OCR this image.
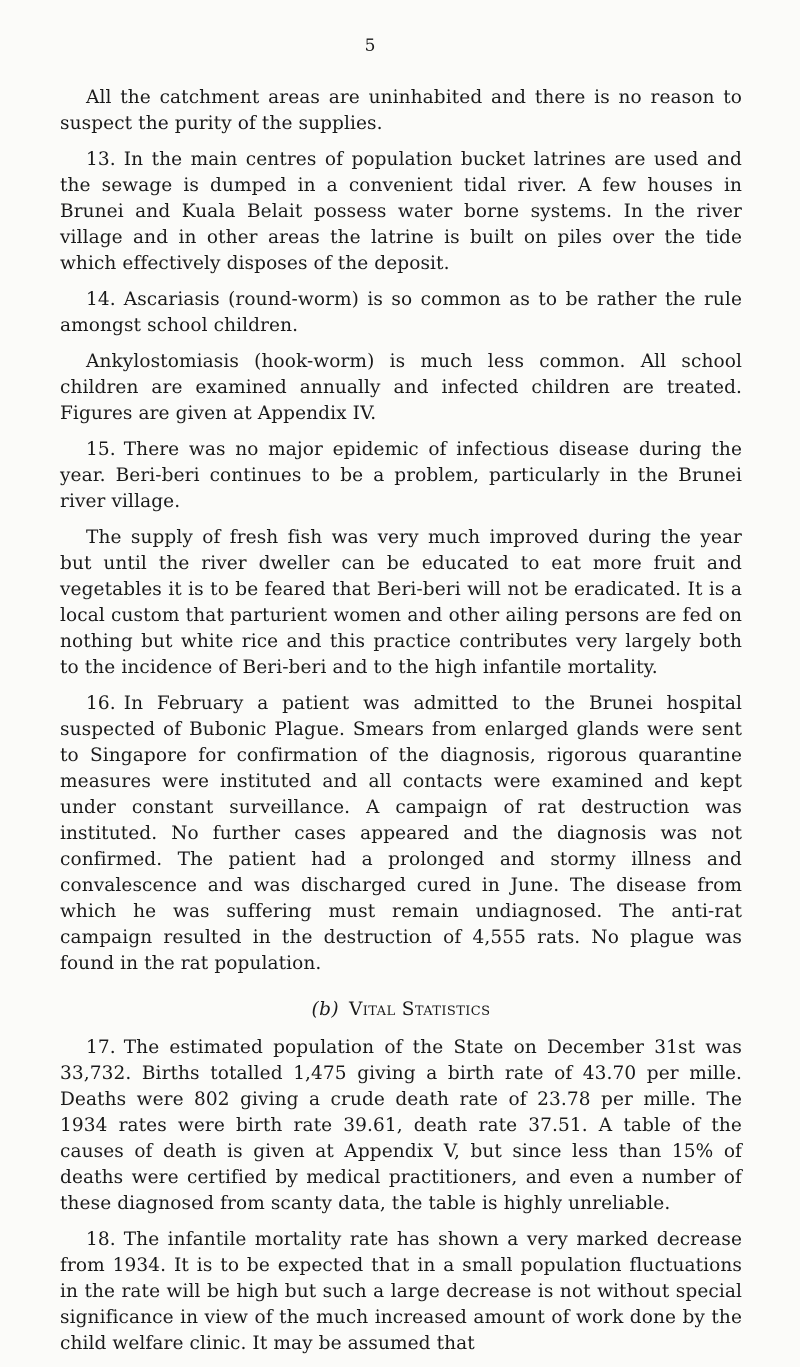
5

All the catchment areas are uninhabited and there is no reason to suspect the purity of the supplies.

13. In the main centres of population bucket latrines are used and the sewage is dumped in a convenient tidal river. A few houses in Brunei and Kuala Belait possess water borne systems. In the river village and in other areas the latrine is built on piles over the tide which effectively disposes of the deposit.

14. Ascariasis (round-worm) is so common as to be rather the rule amongst school children.

Ankylostomiasis (hook-worm) is much less common. All school children are examined annually and infected children are treated. Figures are given at Appendix IV.

15. There was no major epidemic of infectious disease during the year. Beri-beri continues to be a problem, particularly in the Brunei river village.

The supply of fresh fish was very much improved during the year but until the river dweller can be educated to eat more fruit and vegetables it is to be feared that Beri-beri will not be eradicated. It is a local custom that parturient women and other ailing persons are fed on nothing but white rice and this practice contributes very largely both to the incidence of Beri-beri and to the high infantile mortality.

16. In February a patient was admitted to the Brunei hospital suspected of Bubonic Plague. Smears from enlarged glands were sent to Singapore for confirmation of the diagnosis, rigorous quarantine measures were instituted and all contacts were examined and kept under constant surveillance. A campaign of rat destruction was instituted. No further cases appeared and the diagnosis was not confirmed. The patient had a prolonged and stormy illness and convalescence and was discharged cured in June. The disease from which he was suffering must remain undiagnosed. The anti-rat campaign resulted in the destruction of 4,555 rats. No plague was found in the rat population.

(b) Vital Statistics

17. The estimated population of the State on December 31st was 33,732. Births totalled 1,475 giving a birth rate of 43.70 per mille. Deaths were 802 giving a crude death rate of 23.78 per mille. The 1934 rates were birth rate 39.61, death rate 37.51. A table of the causes of death is given at Appendix V, but since less than 15% of deaths were certified by medical practitioners, and even a number of these diagnosed from scanty data, the table is highly unreliable.

18. The infantile mortality rate has shown a very marked decrease from 1934. It is to be expected that in a small population fluctuations in the rate will be high but such a large decrease is not without special significance in view of the much increased amount of work done by the child welfare clinic. It may be assumed that
